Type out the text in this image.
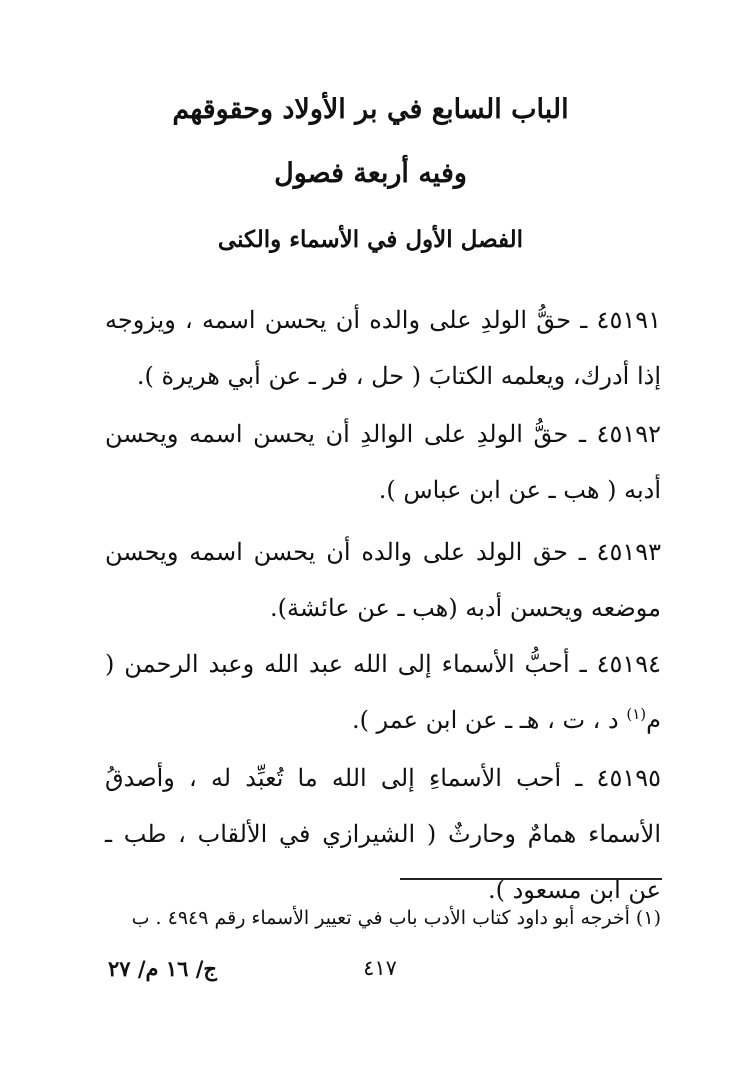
الباب السابع في بر الأولاد وحقوقهم
وفيه أربعة فصول
الفصل الأول في الأسماء والكنى
٤٥١٩١ ـ حقُّ الولدِ على والده أن يحسن اسمه ، ويزوجه إذا أدرك، ويعلمه الكتابَ ( حل ، فر ـ عن أبي هريرة ).
٤٥١٩٢ ـ حقُّ الولدِ على الوالدِ أن يحسن اسمه ويحسن أدبه ( هب ـ عن ابن عباس ).
٤٥١٩٣ ـ حق الولد على والده أن يحسن اسمه ويحسن موضعه ويحسن أدبه (هب ـ عن عائشة).
٤٥١٩٤ ـ أحبُّ الأسماء إلى الله عبد الله وعبد الرحمن ( م$^{(١)}$ د ، ت ، هـ ـ عن ابن عمر ).
٤٥١٩٥ ـ أحب الأسماءِ إلى الله ما تُعبِّد له ، وأصدقُ الأسماء همامٌ وحارثٌ ( الشيرازي في الألقاب ، طب ـ عن ابن مسعود ).
(١) أخرجه أبو داود كتاب الأدب باب في تعيير الأسماء رقم ٤٩٤٩ . ب
٤١٧
ج/ ١٦ م/ ٢٧
